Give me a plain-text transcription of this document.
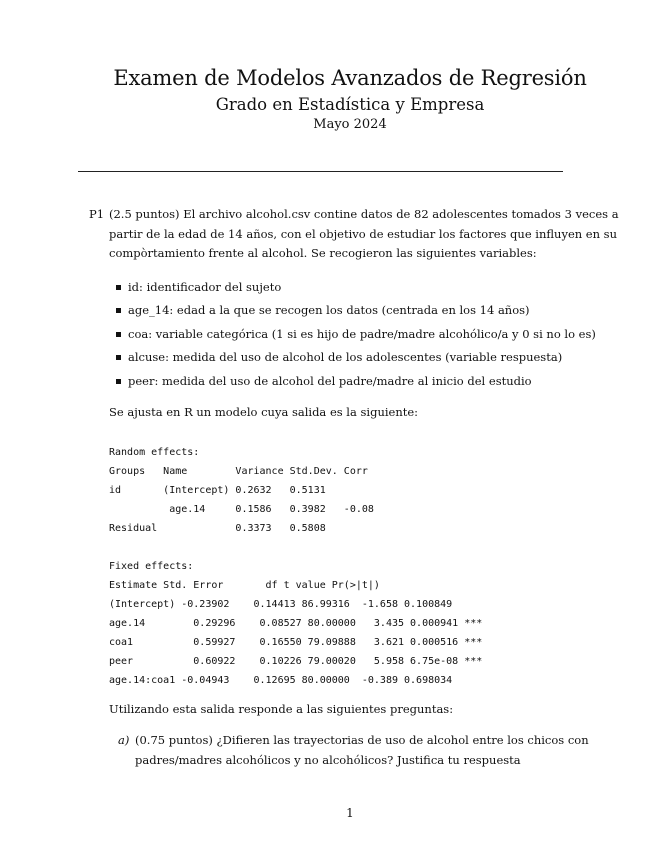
Examen de Modelos Avanzados de Regresión
Grado en Estadística y Empresa
Mayo 2024
P1 (2.5 puntos) El archivo alcohol.csv contine datos de 82 adolescentes tomados 3 veces a partir de la edad de 14 años, con el objetivo de estudiar los factores que influyen en su compòrtamiento frente al alcohol. Se recogieron las siguientes variables:
id: identificador del sujeto
age_14: edad a la que se recogen los datos (centrada en los 14 años)
coa: variable categórica (1 si es hijo de padre/madre alcohólico/a y 0 si no lo es)
alcuse: medida del uso de alcohol de los adolescentes (variable respuesta)
peer: medida del uso de alcohol del padre/madre al inicio del estudio
Se ajusta en R un modelo cuya salida es la siguiente:
Random effects:
Groups   Name        Variance Std.Dev. Corr
id       (Intercept) 0.2632   0.5131
age.14     0.1586   0.3982   -0.08
Residual             0.3373   0.5808
Fixed effects:
Estimate Std. Error       df t value Pr(>|t|)
(Intercept) -0.23902    0.14413 86.99316  -1.658 0.100849
age.14        0.29296    0.08527 80.00000   3.435 0.000941 ***
coa1          0.59927    0.16550 79.09888   3.621 0.000516 ***
peer          0.60922    0.10226 79.00020   5.958 6.75e-08 ***
age.14:coa1 -0.04943    0.12695 80.00000  -0.389 0.698034
Utilizando esta salida responde a las siguientes preguntas:
a) (0.75 puntos) ¿Difieren las trayectorias de uso de alcohol entre los chicos con padres/madres alcohólicos y no alcohólicos? Justifica tu respuesta
1
